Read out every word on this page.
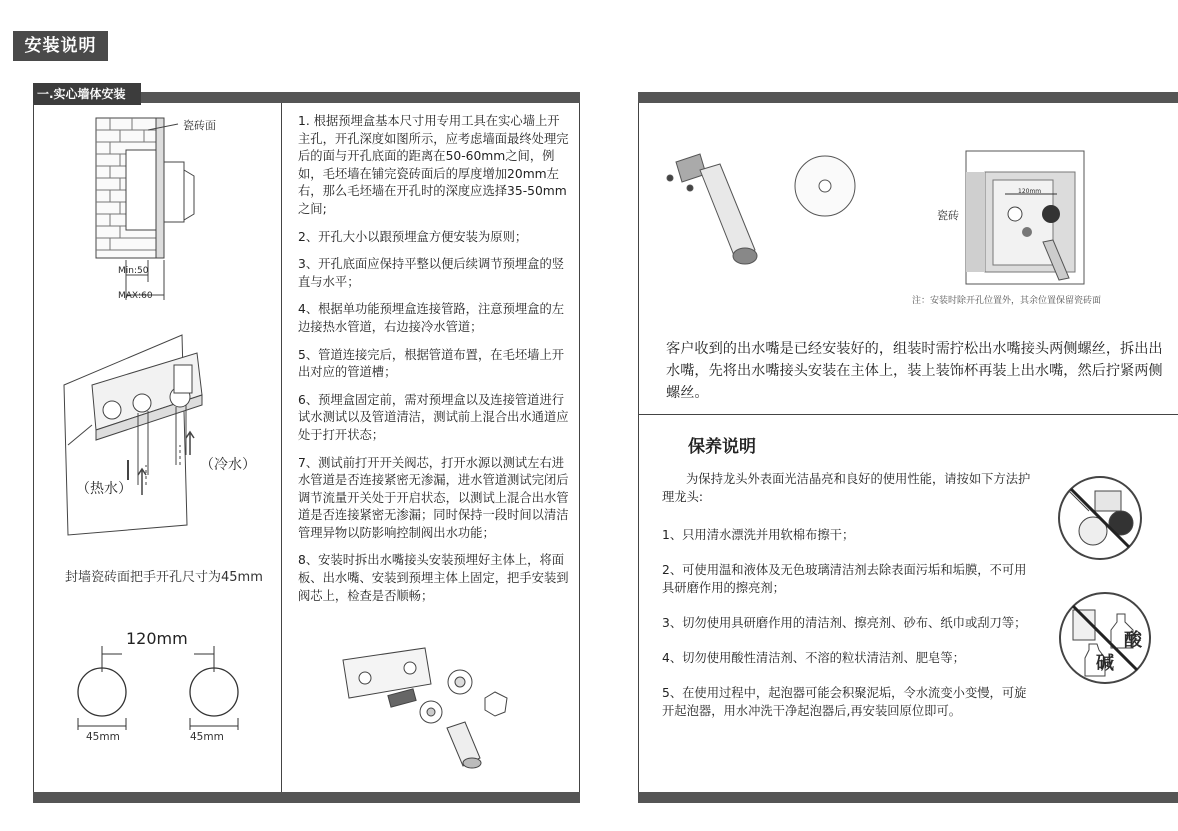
安装说明
一.实心墙体安装
瓷砖面
Min:50
MAX:60
（热水）
（冷水）
封墙瓷砖面把手开孔尺寸为45mm
120mm
45mm	45mm

1. 根据预埋盒基本尺寸用专用工具在实心墙上开主孔，开孔深度如图所示，应考虑墙面最终处理完后的面与开孔底面的距离在50-60mm之间，例如，毛坯墙在铺完瓷砖面后的厚度增加20mm左右，那么毛坯墙在开孔时的深度应选择35-50mm之间;

2、开孔大小以跟预埋盒方便安装为原则；

3、开孔底面应保持平整以便后续调节预埋盒的竖直与水平；

4、根据单功能预埋盒连接管路，注意预埋盒的左边接热水管道，右边接冷水管道；

5、管道连接完后，根据管道布置，在毛坯墙上开出对应的管道槽；

6、预埋盒固定前，需对预埋盒以及连接管道进行试水测试以及管道清洁，测试前上混合出水通道应处于打开状态；

7、测试前打开开关阀芯，打开水源以测试左右进水管道是否连接紧密无渗漏，进水管道测试完闭后调节流量开关处于开启状态，以测试上混合出水管道是否连接紧密无渗漏；同时保持一段时间以清洁管理异物以防影响控制阀出水功能；

8、安装时拆出水嘴接头安装预埋好主体上，将面板、出水嘴、安装到预埋主体上固定，把手安装到阀芯上，检查是否顺畅；

瓷砖
120mm
注：安装时除开孔位置外，其余位置保留瓷砖面
客户收到的出水嘴是已经安装好的，组装时需拧松出水嘴接头两侧螺丝，拆出出水嘴，先将出水嘴接头安装在主体上，装上装饰杯再装上出水嘴，然后拧紧两侧螺丝。
保养说明
为保持龙头外表面光洁晶亮和良好的使用性能，请按如下方法护理龙头:

1、只用清水漂洗并用软棉布擦干；

2、可使用温和液体及无色玻璃清洁剂去除表面污垢和垢膜，不可用具研磨作用的擦亮剂；

3、切勿使用具研磨作用的清洁剂、擦亮剂、砂布、纸巾或刮刀等；

4、切勿使用酸性清洁剂、不溶的粒状清洁剂、肥皂等；

5、在使用过程中，起泡器可能会积聚泥垢，令水流变小变慢，可旋开起泡器，用水冲洗干净起泡器后,再安装回原位即可。

酸
碱
